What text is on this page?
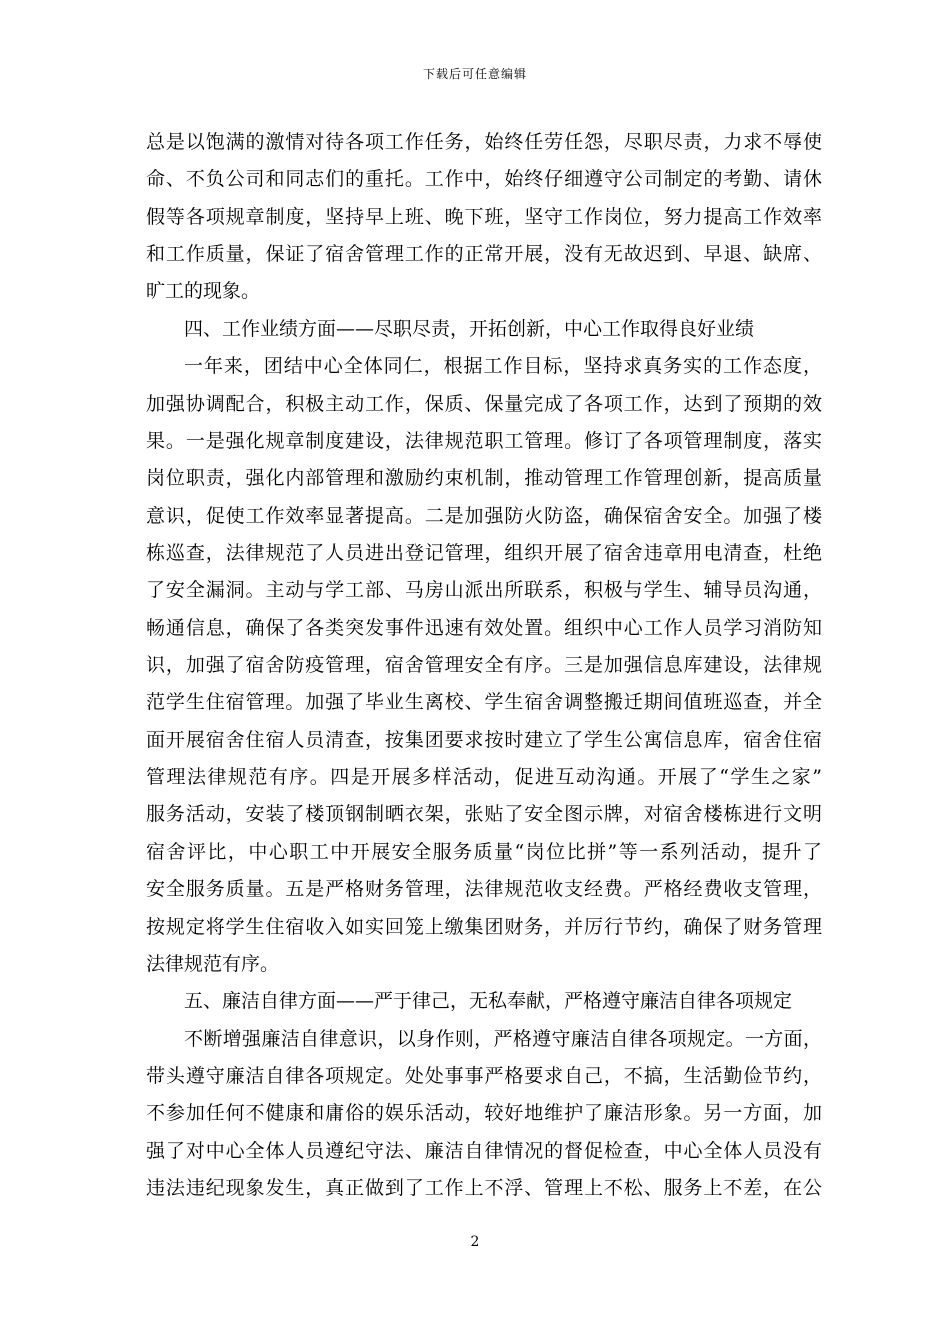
下载后可任意编辑
总是以饱满的激情对待各项工作任务，始终任劳任怨，尽职尽责，力求不辱使
命、不负公司和同志们的重托。工作中，始终仔细遵守公司制定的考勤、请休
假等各项规章制度，坚持早上班、晚下班，坚守工作岗位，努力提高工作效率
和工作质量，保证了宿舍管理工作的正常开展，没有无故迟到、早退、缺席、
旷工的现象。
四、工作业绩方面——尽职尽责，开拓创新，中心工作取得良好业绩
一年来，团结中心全体同仁，根据工作目标，坚持求真务实的工作态度，
加强协调配合，积极主动工作，保质、保量完成了各项工作，达到了预期的效
果。一是强化规章制度建设，法律规范职工管理。修订了各项管理制度，落实
岗位职责，强化内部管理和激励约束机制，推动管理工作管理创新，提高质量
意识，促使工作效率显著提高。二是加强防火防盗，确保宿舍安全。加强了楼
栋巡查，法律规范了人员进出登记管理，组织开展了宿舍违章用电清查，杜绝
了安全漏洞。主动与学工部、马房山派出所联系，积极与学生、辅导员沟通，
畅通信息，确保了各类突发事件迅速有效处置。组织中心工作人员学习消防知
识，加强了宿舍防疫管理，宿舍管理安全有序。三是加强信息库建设，法律规
范学生住宿管理。加强了毕业生离校、学生宿舍调整搬迁期间值班巡查，并全
面开展宿舍住宿人员清查，按集团要求按时建立了学生公寓信息库，宿舍住宿
管理法律规范有序。四是开展多样活动，促进互动沟通。开展了“学生之家”
服务活动，安装了楼顶钢制晒衣架，张贴了安全图示牌，对宿舍楼栋进行文明
宿舍评比，中心职工中开展安全服务质量“岗位比拼”等一系列活动，提升了
安全服务质量。五是严格财务管理，法律规范收支经费。严格经费收支管理，
按规定将学生住宿收入如实回笼上缴集团财务，并厉行节约，确保了财务管理
法律规范有序。
五、廉洁自律方面——严于律己，无私奉献，严格遵守廉洁自律各项规定
不断增强廉洁自律意识，以身作则，严格遵守廉洁自律各项规定。一方面，
带头遵守廉洁自律各项规定。处处事事严格要求自己，不搞，生活勤俭节约，
不参加任何不健康和庸俗的娱乐活动，较好地维护了廉洁形象。另一方面，加
强了对中心全体人员遵纪守法、廉洁自律情况的督促检查，中心全体人员没有
违法违纪现象发生，真正做到了工作上不浮、管理上不松、服务上不差，在公
2
